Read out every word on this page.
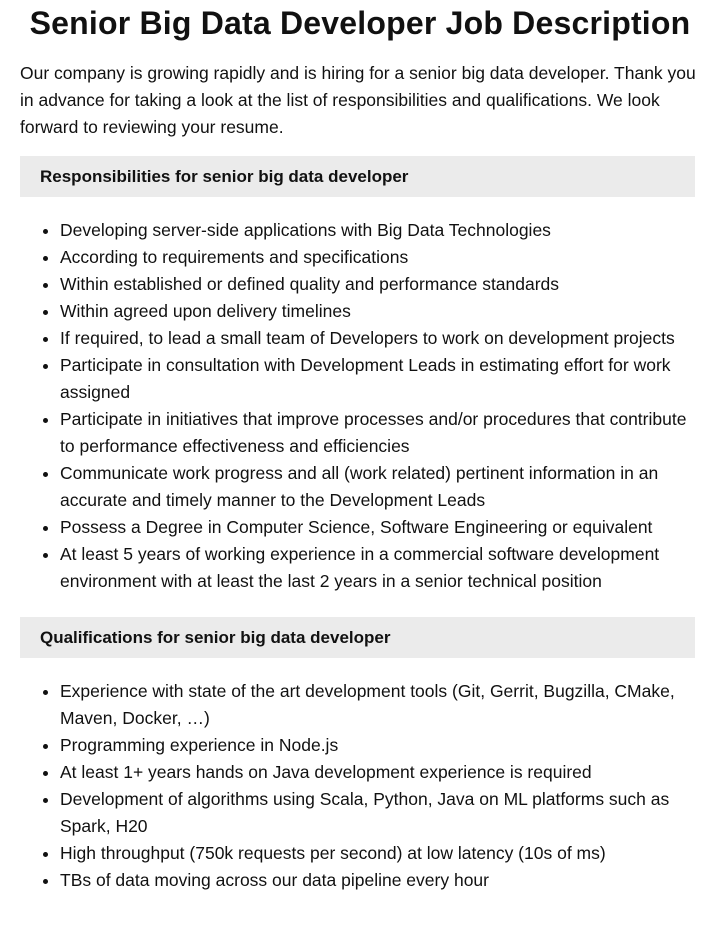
Senior Big Data Developer Job Description

Our company is growing rapidly and is hiring for a senior big data developer. Thank you in advance for taking a look at the list of responsibilities and qualifications. We look forward to reviewing your resume.

Responsibilities for senior big data developer
• Developing server-side applications with Big Data Technologies
• According to requirements and specifications
• Within established or defined quality and performance standards
• Within agreed upon delivery timelines
• If required, to lead a small team of Developers to work on development projects
• Participate in consultation with Development Leads in estimating effort for work assigned
• Participate in initiatives that improve processes and/or procedures that contribute to performance effectiveness and efficiencies
• Communicate work progress and all (work related) pertinent information in an accurate and timely manner to the Development Leads
• Possess a Degree in Computer Science, Software Engineering or equivalent
• At least 5 years of working experience in a commercial software development environment with at least the last 2 years in a senior technical position
Qualifications for senior big data developer
• Experience with state of the art development tools (Git, Gerrit, Bugzilla, CMake, Maven, Docker, …)
• Programming experience in Node.js
• At least 1+ years hands on Java development experience is required
• Development of algorithms using Scala, Python, Java on ML platforms such as Spark, H20
• High throughput (750k requests per second) at low latency (10s of ms)
• TBs of data moving across our data pipeline every hour
